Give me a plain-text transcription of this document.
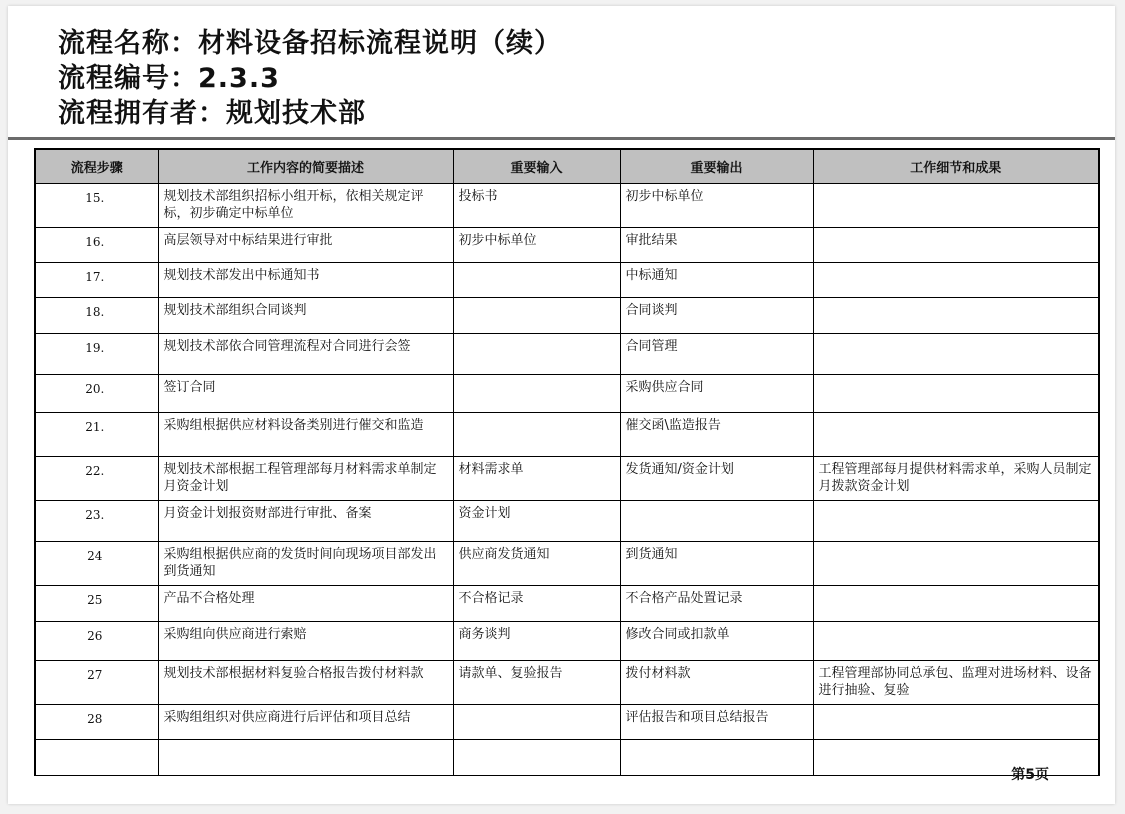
流程名称：材料设备招标流程说明（续）
流程编号：2.3.3
流程拥有者：规划技术部
流程步骤	工作内容的简要描述	重要输入	重要输出	工作细节和成果
15.	规划技术部组织招标小组开标，依相关规定评标，初步确定中标单位	投标书	初步中标单位	
16.	高层领导对中标结果进行审批	初步中标单位	审批结果	
17.	规划技术部发出中标通知书		中标通知	
18.	规划技术部组织合同谈判		合同谈判	
19.	规划技术部依合同管理流程对合同进行会签		合同管理	
20.	签订合同		采购供应合同	
21.	采购组根据供应材料设备类别进行催交和监造		催交函\监造报告	
22.	规划技术部根据工程管理部每月材料需求单制定月资金计划	材料需求单	发货通知/资金计划	工程管理部每月提供材料需求单，采购人员制定月拨款资金计划
23.	月资金计划报资财部进行审批、备案	资金计划		
24	采购组根据供应商的发货时间向现场项目部发出到货通知	供应商发货通知	到货通知	
25	产品不合格处理	不合格记录	不合格产品处置记录	
26	采购组向供应商进行索赔	商务谈判	修改合同或扣款单	
27	规划技术部根据材料复验合格报告拨付材料款	请款单、复验报告	拨付材料款	工程管理部协同总承包、监理对进场材料、设备进行抽验、复验
28	采购组组织对供应商进行后评估和项目总结		评估报告和项目总结报告	

第5页
